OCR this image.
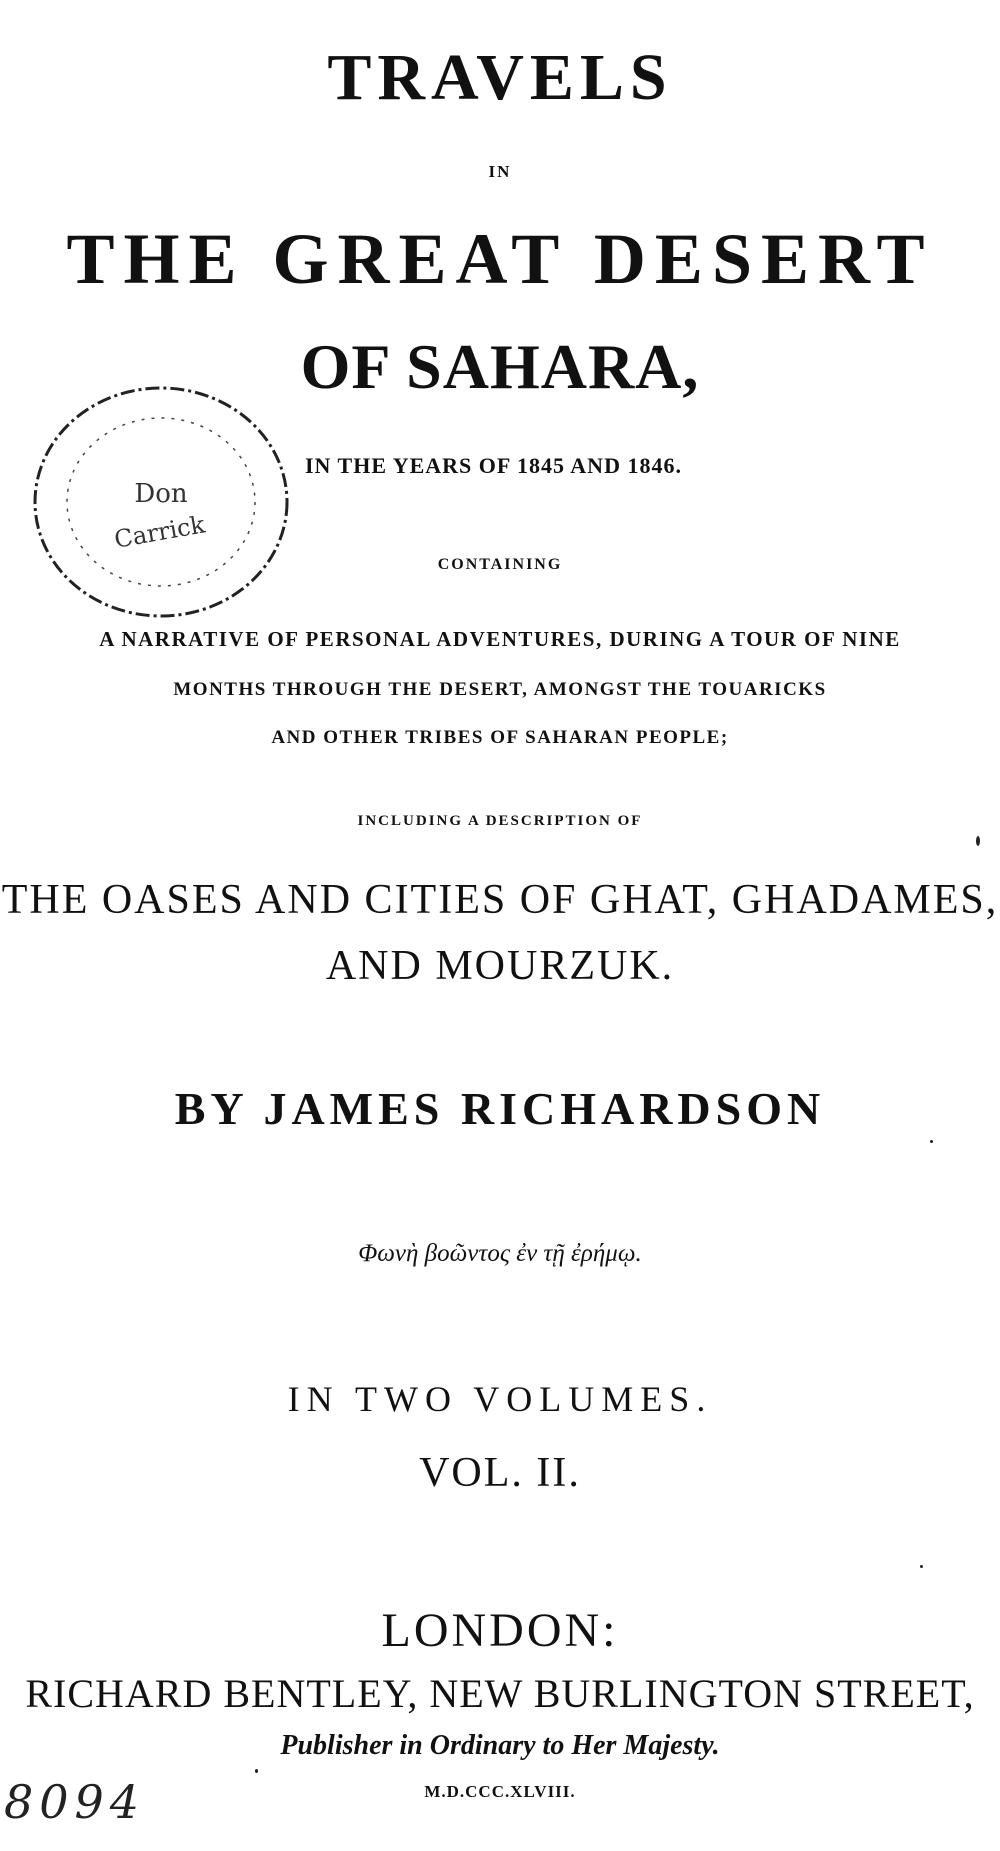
TRAVELS
IN
THE GREAT DESERT
OF SAHARA,
IN THE YEARS OF 1845 AND 1846.
CONTAINING
A NARRATIVE OF PERSONAL ADVENTURES, DURING A TOUR OF NINE
MONTHS THROUGH THE DESERT, AMONGST THE TOUARICKS
AND OTHER TRIBES OF SAHARAN PEOPLE;
INCLUDING A DESCRIPTION OF
THE OASES AND CITIES OF GHAT, GHADAMES,
AND MOURZUK.
BY JAMES RICHARDSON
Φωνὴ βοῶντος ἐν τῇ ἐρήμῳ.
IN TWO VOLUMES.
VOL. II.
LONDON:
RICHARD BENTLEY, NEW BURLINGTON STREET,
Publisher in Ordinary to Her Majesty.
M.D.CCC.XLVIII.
Don
Carrick
8094
